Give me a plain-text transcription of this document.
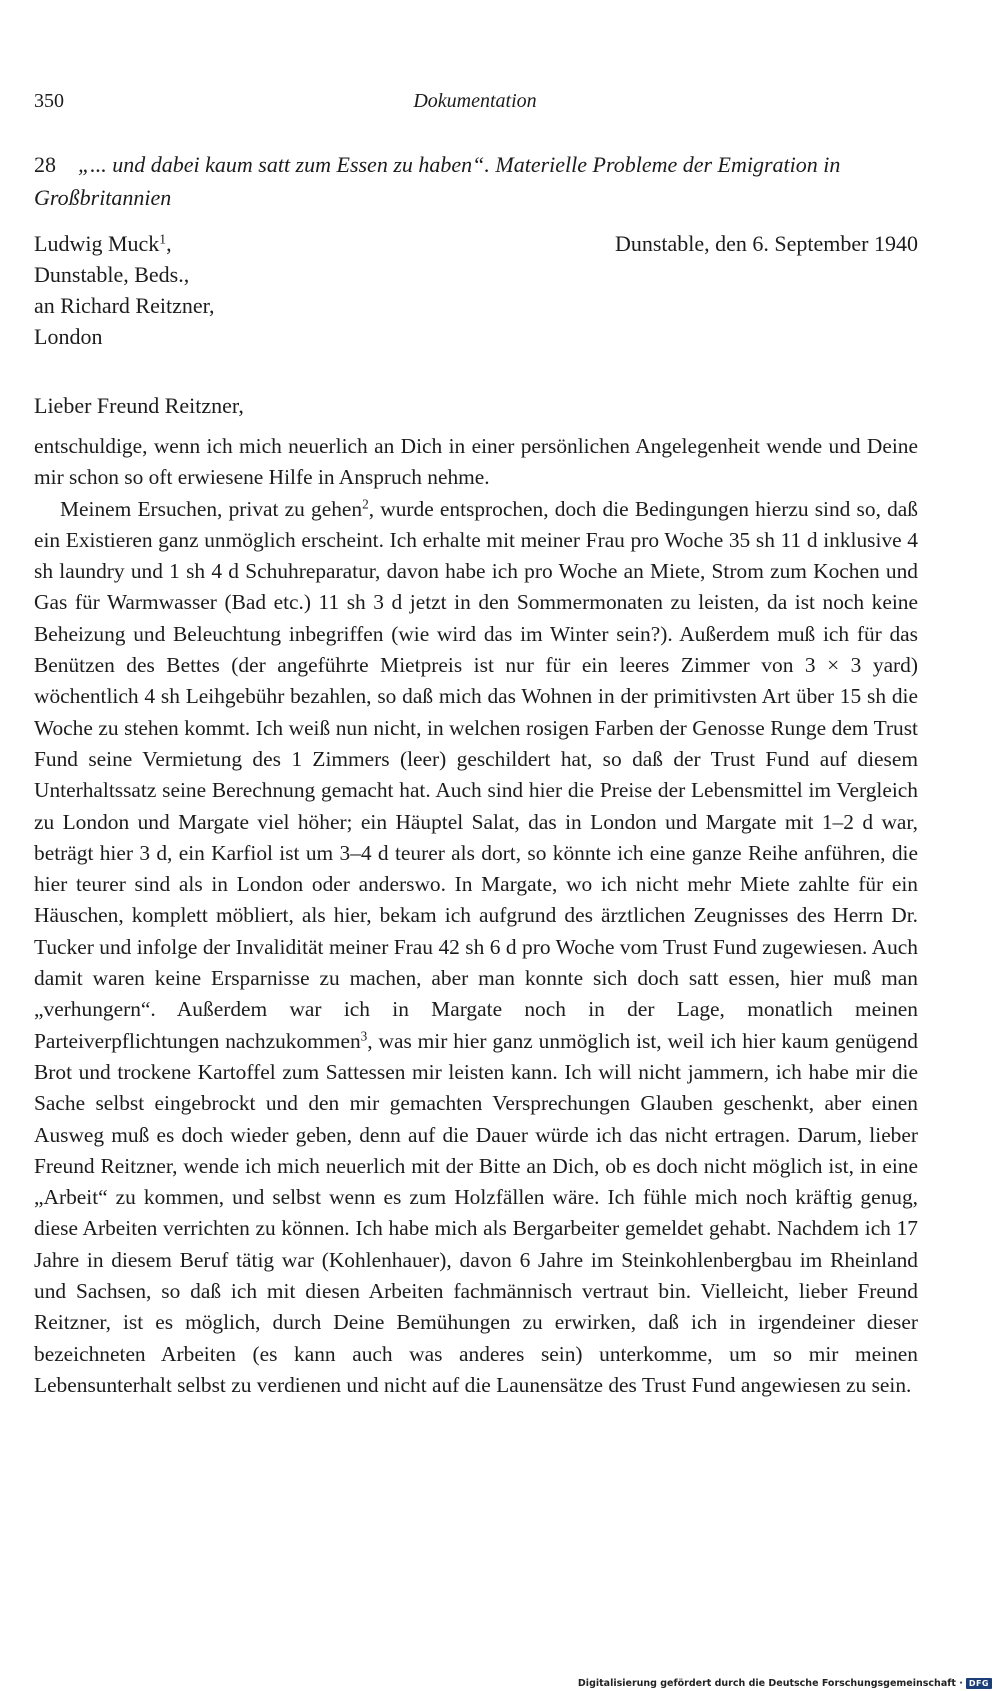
350	Dokumentation
28 „... und dabei kaum satt zum Essen zu haben“. Materielle Probleme der Emigration in Großbritannien
Ludwig Muck$^1$,
Dunstable, Beds.,
an Richard Reitzner,
London
Dunstable, den 6. September 1940
Lieber Freund Reitzner,

entschuldige, wenn ich mich neuerlich an Dich in einer persönlichen Angelegenheit wende und Deine mir schon so oft erwiesene Hilfe in Anspruch nehme.

Meinem Ersuchen, privat zu gehen$^2$, wurde entsprochen, doch die Bedingungen hierzu sind so, daß ein Existieren ganz unmöglich erscheint. Ich erhalte mit meiner Frau pro Woche 35 sh 11 d inklusive 4 sh laundry und 1 sh 4 d Schuhreparatur, davon habe ich pro Woche an Miete, Strom zum Kochen und Gas für Warmwasser (Bad etc.) 11 sh 3 d jetzt in den Sommermonaten zu leisten, da ist noch keine Beheizung und Beleuchtung inbegriffen (wie wird das im Winter sein?). Außerdem muß ich für das Benützen des Bettes (der angeführte Mietpreis ist nur für ein leeres Zimmer von 3 × 3 yard) wöchentlich 4 sh Leihgebühr bezahlen, so daß mich das Wohnen in der primitivsten Art über 15 sh die Woche zu stehen kommt. Ich weiß nun nicht, in welchen rosigen Farben der Genosse Runge dem Trust Fund seine Vermietung des 1 Zimmers (leer) geschildert hat, so daß der Trust Fund auf diesem Unterhaltssatz seine Berechnung gemacht hat. Auch sind hier die Preise der Lebensmittel im Vergleich zu London und Margate viel höher; ein Häuptel Salat, das in London und Margate mit 1–2 d war, beträgt hier 3 d, ein Karfiol ist um 3–4 d teurer als dort, so könnte ich eine ganze Reihe anführen, die hier teurer sind als in London oder anderswo. In Margate, wo ich nicht mehr Miete zahlte für ein Häuschen, komplett möbliert, als hier, bekam ich aufgrund des ärztlichen Zeugnisses des Herrn Dr. Tucker und infolge der Invalidität meiner Frau 42 sh 6 d pro Woche vom Trust Fund zugewiesen. Auch damit waren keine Ersparnisse zu machen, aber man konnte sich doch satt essen, hier muß man „verhungern“. Außerdem war ich in Margate noch in der Lage, monatlich meinen Parteiverpflichtungen nachzukommen$^3$, was mir hier ganz unmöglich ist, weil ich hier kaum genügend Brot und trockene Kartoffel zum Sattessen mir leisten kann. Ich will nicht jammern, ich habe mir die Sache selbst eingebrockt und den mir gemachten Versprechungen Glauben geschenkt, aber einen Ausweg muß es doch wieder geben, denn auf die Dauer würde ich das nicht ertragen. Darum, lieber Freund Reitzner, wende ich mich neuerlich mit der Bitte an Dich, ob es doch nicht möglich ist, in eine „Arbeit“ zu kommen, und selbst wenn es zum Holzfällen wäre. Ich fühle mich noch kräftig genug, diese Arbeiten verrichten zu können. Ich habe mich als Bergarbeiter gemeldet gehabt. Nachdem ich 17 Jahre in diesem Beruf tätig war (Kohlenhauer), davon 6 Jahre im Steinkohlenbergbau im Rheinland und Sachsen, so daß ich mit diesen Arbeiten fachmännisch vertraut bin. Vielleicht, lieber Freund Reitzner, ist es möglich, durch Deine Bemühungen zu erwirken, daß ich in irgendeiner dieser bezeichneten Arbeiten (es kann auch was anderes sein) unterkomme, um so mir meinen Lebensunterhalt selbst zu verdienen und nicht auf die Launensätze des Trust Fund angewiesen zu sein.

Digitalisierung gefördert durch die Deutsche Forschungsgemeinschaft · DFG
